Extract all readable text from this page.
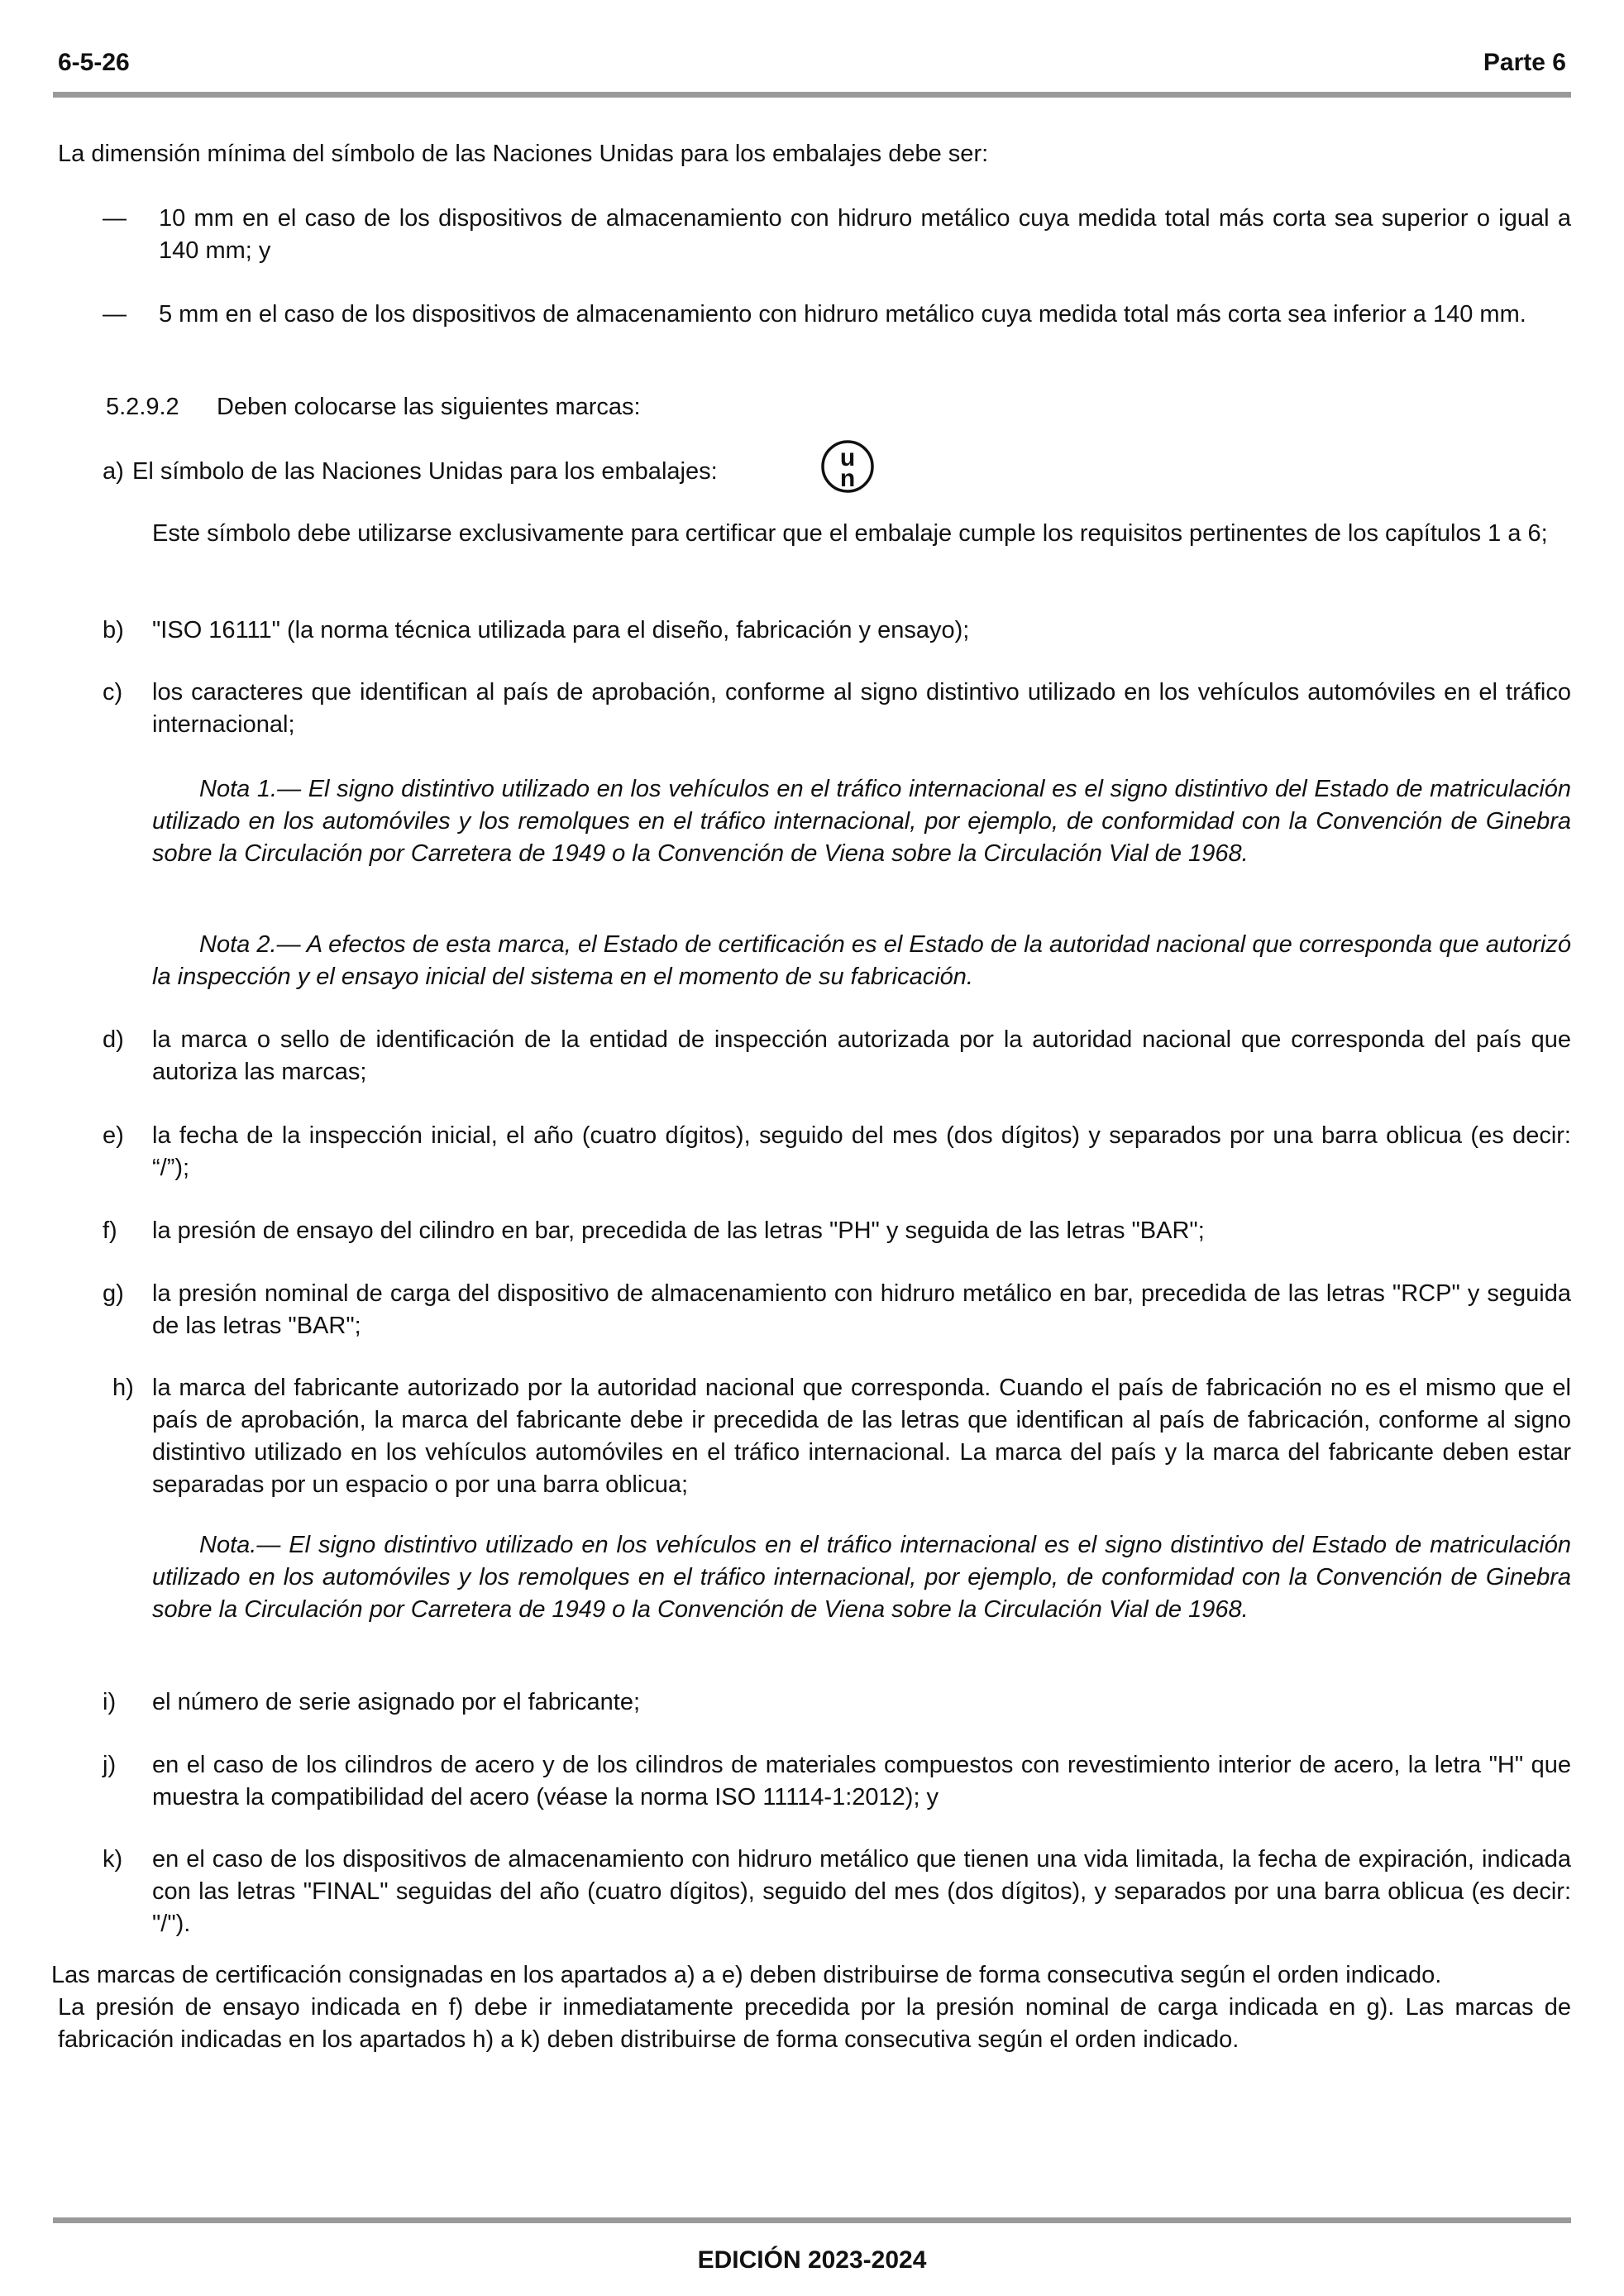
6-5-26	Parte 6

La dimensión mínima del símbolo de las Naciones Unidas para los embalajes debe ser:

— 10 mm en el caso de los dispositivos de almacenamiento con hidruro metálico cuya medida total más corta sea superior o igual a 140 mm; y

— 5 mm en el caso de los dispositivos de almacenamiento con hidruro metálico cuya medida total más corta sea inferior a 140 mm.

5.2.9.2 Deben colocarse las siguientes marcas:
a) El símbolo de las Naciones Unidas para los embalajes:	u
n

Este símbolo debe utilizarse exclusivamente para certificar que el embalaje cumple los requisitos pertinentes de los capítulos 1 a 6;

b) "ISO 16111" (la norma técnica utilizada para el diseño, fabricación y ensayo);

c) los caracteres que identifican al país de aprobación, conforme al signo distintivo utilizado en los vehículos automóviles en el tráfico internacional;

Nota 1.— El signo distintivo utilizado en los vehículos en el tráfico internacional es el signo distintivo del Estado de matriculación utilizado en los automóviles y los remolques en el tráfico internacional, por ejemplo, de conformidad con la Convención de Ginebra sobre la Circulación por Carretera de 1949 o la Convención de Viena sobre la Circulación Vial de 1968.

Nota 2.— A efectos de esta marca, el Estado de certificación es el Estado de la autoridad nacional que corresponda que autorizó la inspección y el ensayo inicial del sistema en el momento de su fabricación.

d) la marca o sello de identificación de la entidad de inspección autorizada por la autoridad nacional que corresponda del país que autoriza las marcas;

e) la fecha de la inspección inicial, el año (cuatro dígitos), seguido del mes (dos dígitos) y separados por una barra oblicua (es decir: “/”);

f) la presión de ensayo del cilindro en bar, precedida de las letras "PH" y seguida de las letras "BAR";

g) la presión nominal de carga del dispositivo de almacenamiento con hidruro metálico en bar, precedida de las letras "RCP" y seguida de las letras "BAR";

h) la marca del fabricante autorizado por la autoridad nacional que corresponda. Cuando el país de fabricación no es el mismo que el país de aprobación, la marca del fabricante debe ir precedida de las letras que identifican al país de fabricación, conforme al signo distintivo utilizado en los vehículos automóviles en el tráfico internacional. La marca del país y la marca del fabricante deben estar separadas por un espacio o por una barra oblicua;

Nota.— El signo distintivo utilizado en los vehículos en el tráfico internacional es el signo distintivo del Estado de matriculación utilizado en los automóviles y los remolques en el tráfico internacional, por ejemplo, de conformidad con la Convención de Ginebra sobre la Circulación por Carretera de 1949 o la Convención de Viena sobre la Circulación Vial de 1968.

i) el número de serie asignado por el fabricante;

j) en el caso de los cilindros de acero y de los cilindros de materiales compuestos con revestimiento interior de acero, la letra "H" que muestra la compatibilidad del acero (véase la norma ISO 11114-1:2012); y

k) en el caso de los dispositivos de almacenamiento con hidruro metálico que tienen una vida limitada, la fecha de expiración, indicada con las letras "FINAL" seguidas del año (cuatro dígitos), seguido del mes (dos dígitos), y separados por una barra oblicua (es decir: "/").

Las marcas de certificación consignadas en los apartados a) a e) deben distribuirse de forma consecutiva según el orden indicado.

La presión de ensayo indicada en f) debe ir inmediatamente precedida por la presión nominal de carga indicada en g). Las marcas de fabricación indicadas en los apartados h) a k) deben distribuirse de forma consecutiva según el orden indicado.

EDICIÓN 2023-2024
